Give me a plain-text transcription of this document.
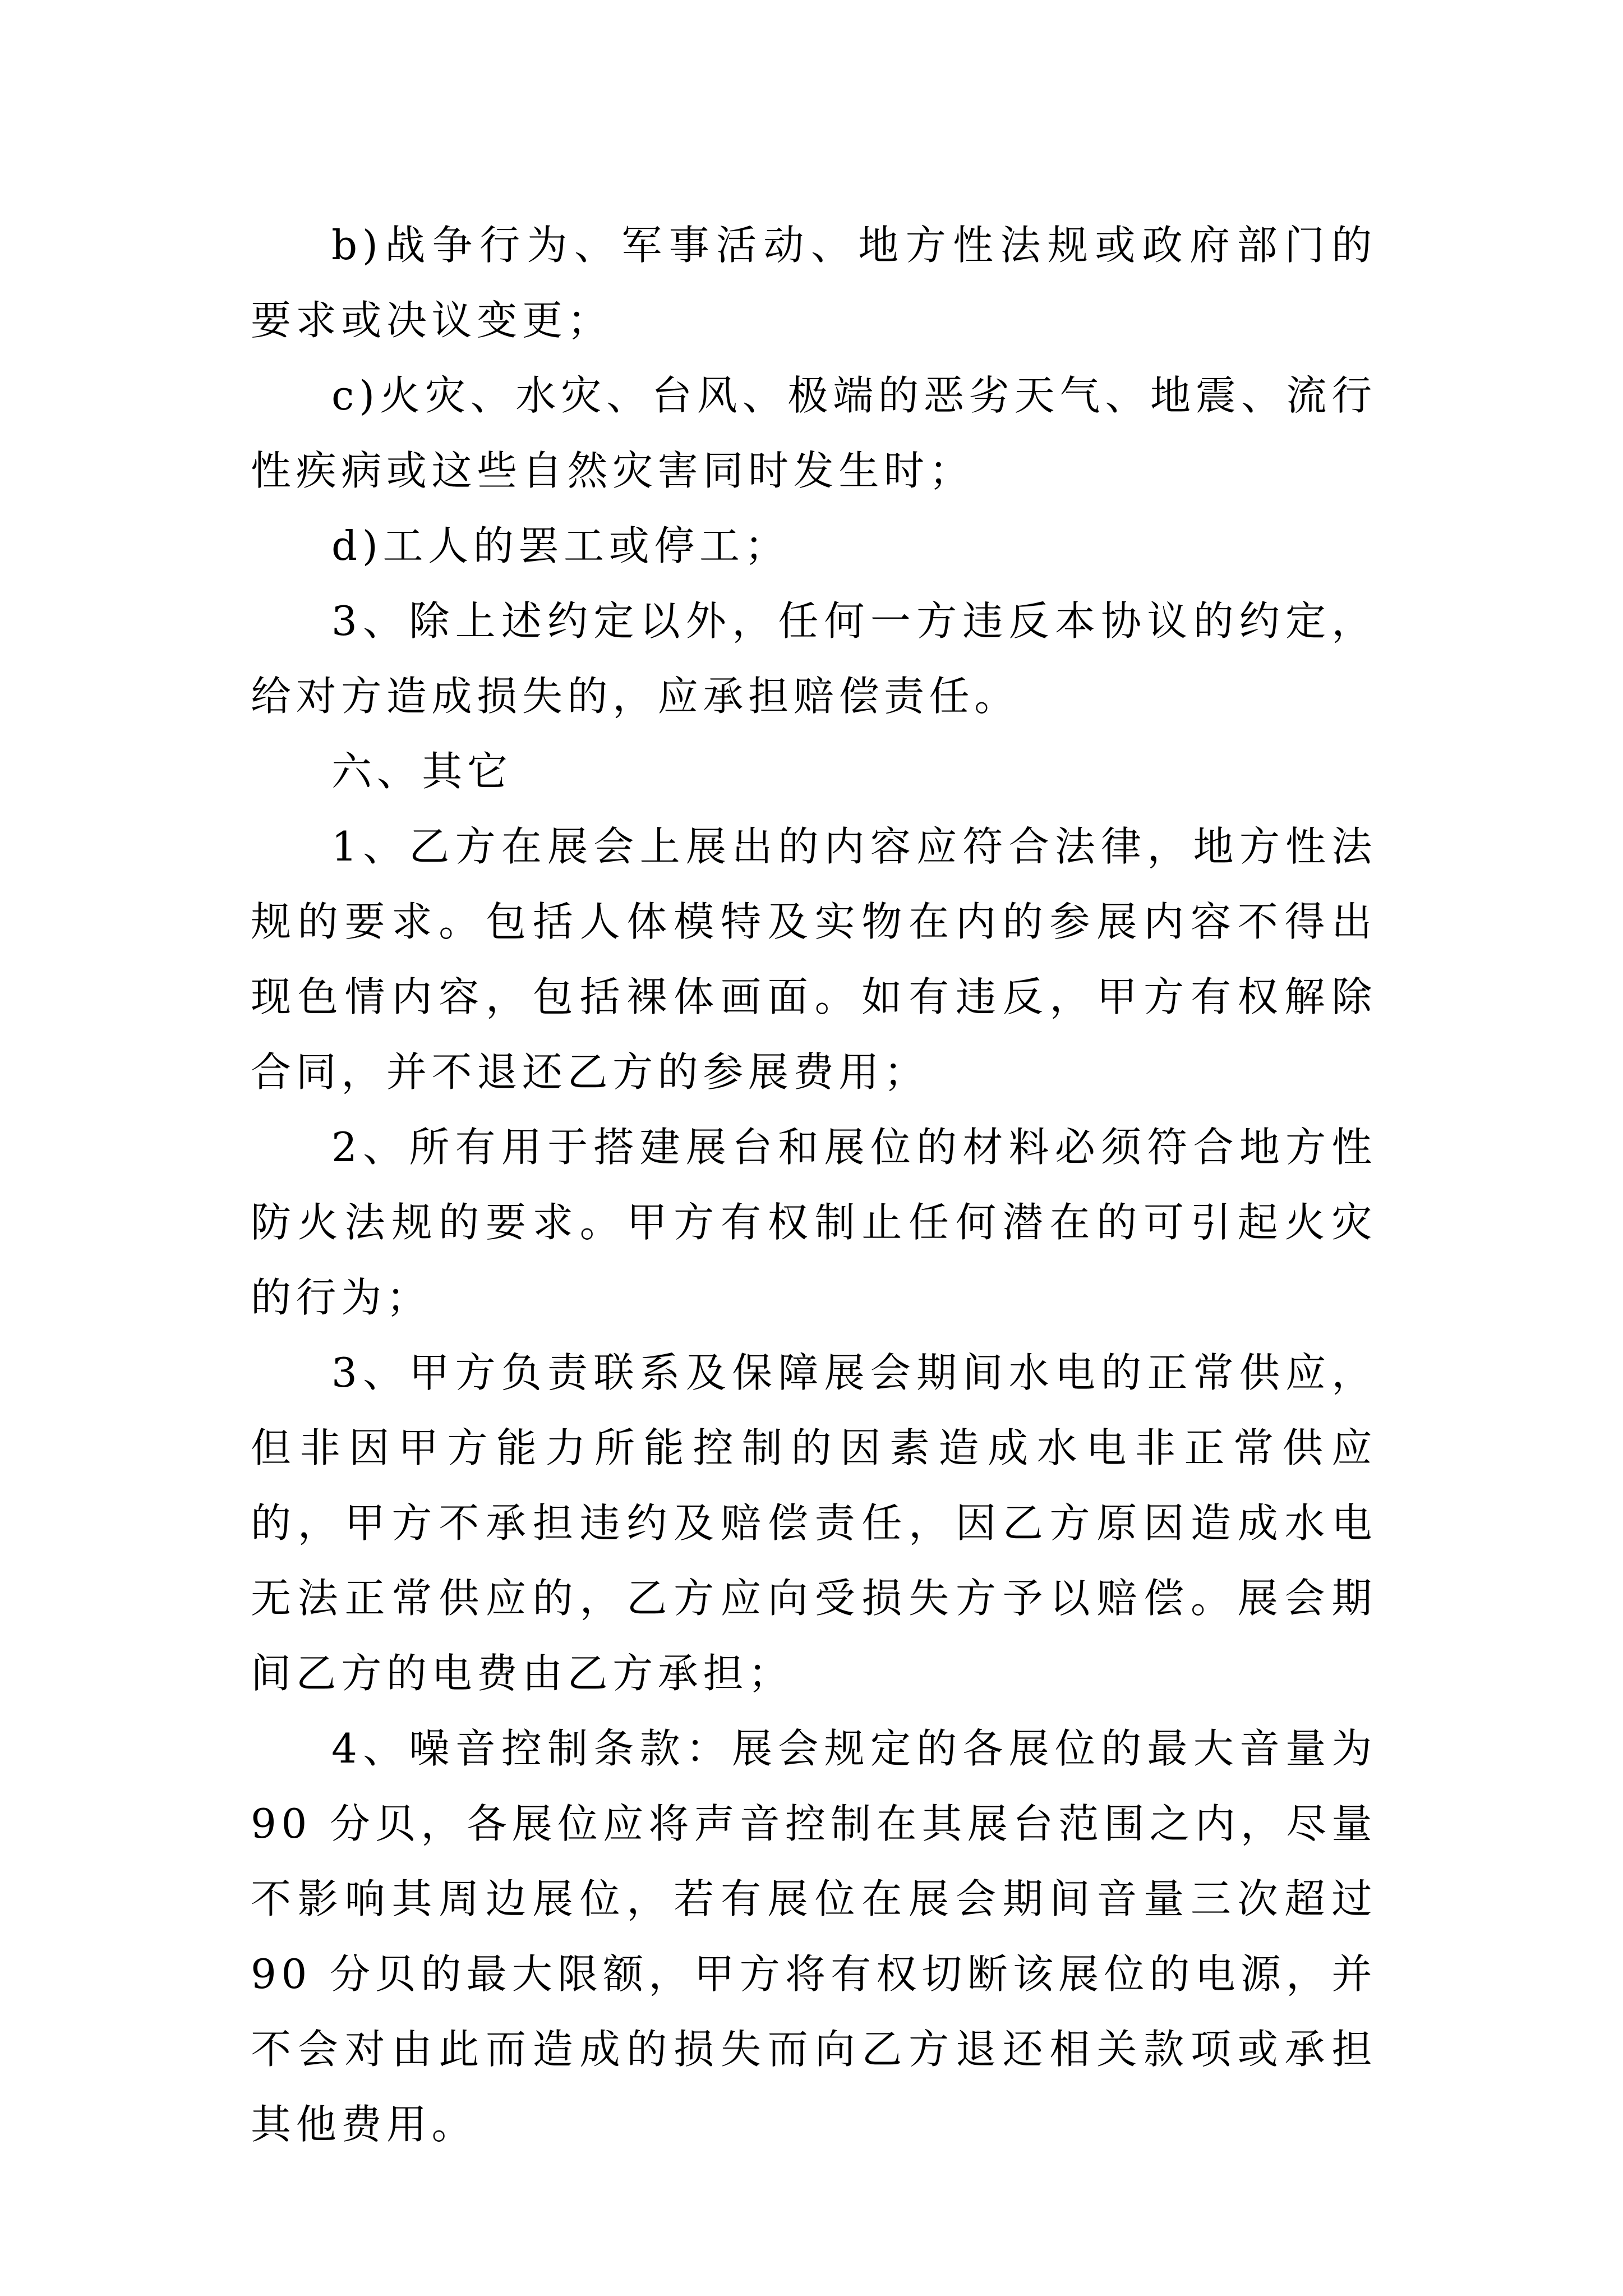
b)战争行为、军事活动、地方性法规或政府部门的要求或决议变更；

c)火灾、水灾、台风、极端的恶劣天气、地震、流行性疾病或这些自然灾害同时发生时；

d)工人的罢工或停工；

3、除上述约定以外，任何一方违反本协议的约定，给对方造成损失的，应承担赔偿责任。

六、其它

1、乙方在展会上展出的内容应符合法律，地方性法规的要求。包括人体模特及实物在内的参展内容不得出现色情内容，包括裸体画面。如有违反，甲方有权解除合同，并不退还乙方的参展费用；

2、所有用于搭建展台和展位的材料必须符合地方性防火法规的要求。甲方有权制止任何潜在的可引起火灾的行为；

3、甲方负责联系及保障展会期间水电的正常供应，但非因甲方能力所能控制的因素造成水电非正常供应的，甲方不承担违约及赔偿责任，因乙方原因造成水电无法正常供应的，乙方应向受损失方予以赔偿。展会期间乙方的电费由乙方承担；

4、噪音控制条款：展会规定的各展位的最大音量为 90 分贝，各展位应将声音控制在其展台范围之内，尽量不影响其周边展位，若有展位在展会期间音量三次超过 90 分贝的最大限额，甲方将有权切断该展位的电源，并不会对由此而造成的损失而向乙方退还相关款项或承担其他费用。
